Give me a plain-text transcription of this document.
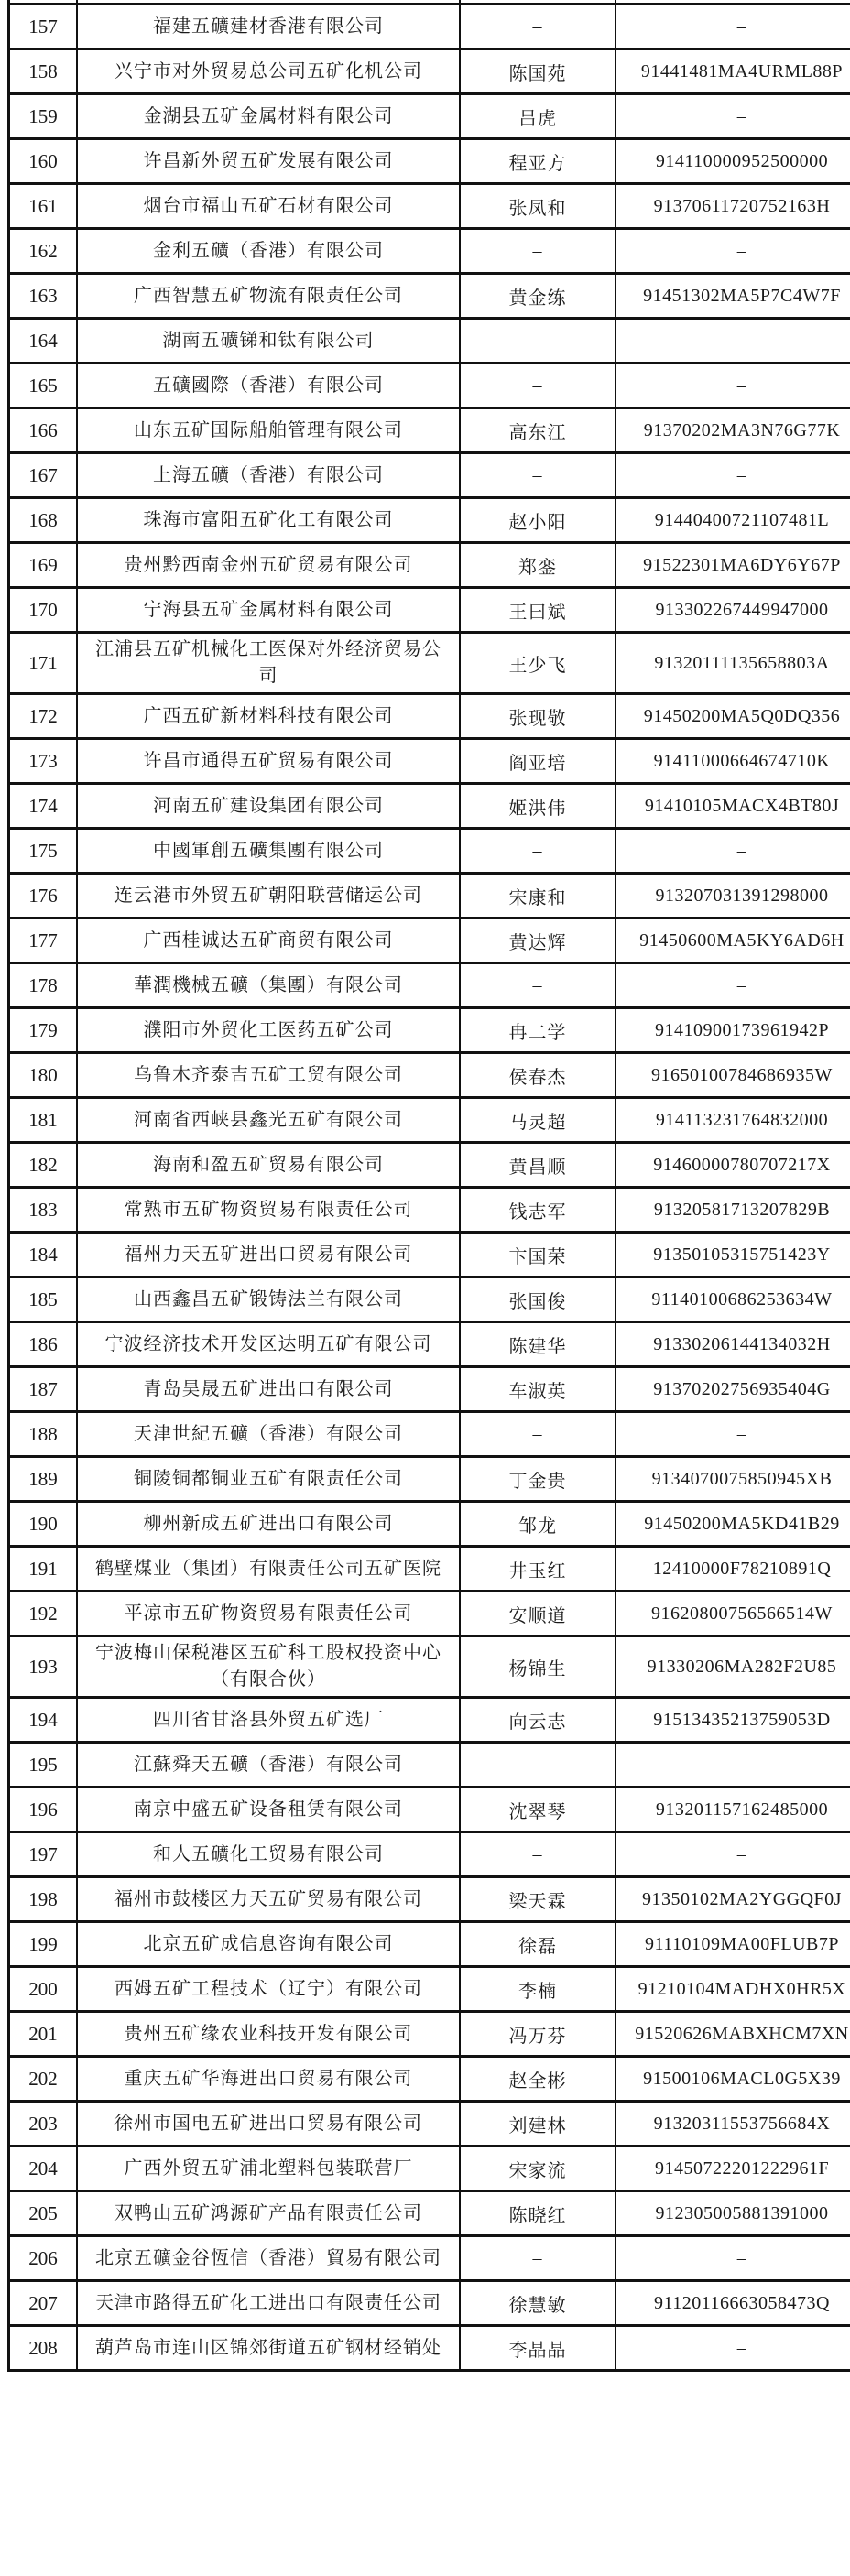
157	福建五礦建材香港有限公司	–	–
158	兴宁市对外贸易总公司五矿化机公司	陈国苑	91441481MA4URML88P
159	金湖县五矿金属材料有限公司	吕虎	–
160	许昌新外贸五矿发展有限公司	程亚方	914110000952500000
161	烟台市福山五矿石材有限公司	张凤和	91370611720752163H
162	金利五礦（香港）有限公司	–	–
163	广西智慧五矿物流有限责任公司	黄金练	91451302MA5P7C4W7F
164	湖南五礦锑和钛有限公司	–	–
165	五礦國際（香港）有限公司	–	–
166	山东五矿国际船舶管理有限公司	高东江	91370202MA3N76G77K
167	上海五礦（香港）有限公司	–	–
168	珠海市富阳五矿化工有限公司	赵小阳	91440400721107481L
169	贵州黔西南金州五矿贸易有限公司	郑銮	91522301MA6DY6Y67P
170	宁海县五矿金属材料有限公司	王曰斌	913302267449947000
171	江浦县五矿机械化工医保对外经济贸易公司	王少飞	91320111135658803A
172	广西五矿新材料科技有限公司	张现敬	91450200MA5Q0DQ356
173	许昌市通得五矿贸易有限公司	阎亚培	91411000664674710K
174	河南五矿建设集团有限公司	姬洪伟	91410105MACX4BT80J
175	中國軍創五礦集團有限公司	–	–
176	连云港市外贸五矿朝阳联营储运公司	宋康和	913207031391298000
177	广西桂诚达五矿商贸有限公司	黄达辉	91450600MA5KY6AD6H
178	華潤機械五礦（集團）有限公司	–	–
179	濮阳市外贸化工医药五矿公司	冉二学	91410900173961942P
180	乌鲁木齐泰吉五矿工贸有限公司	侯春杰	91650100784686935W
181	河南省西峡县鑫光五矿有限公司	马灵超	914113231764832000
182	海南和盈五矿贸易有限公司	黄昌顺	91460000780707217X
183	常熟市五矿物资贸易有限责任公司	钱志军	91320581713207829B
184	福州力天五矿进出口贸易有限公司	卞国荣	91350105315751423Y
185	山西鑫昌五矿锻铸法兰有限公司	张国俊	91140100686253634W
186	宁波经济技术开发区达明五矿有限公司	陈建华	91330206144134032H
187	青岛昊晟五矿进出口有限公司	车淑英	91370202756935404G
188	天津世紀五礦（香港）有限公司	–	–
189	铜陵铜都铜业五矿有限责任公司	丁金贵	9134070075850945XB
190	柳州新成五矿进出口有限公司	邹龙	91450200MA5KD41B29
191	鹤壁煤业（集团）有限责任公司五矿医院	井玉红	12410000F78210891Q
192	平凉市五矿物资贸易有限责任公司	安顺道	91620800756566514W
193	宁波梅山保税港区五矿科工股权投资中心（有限合伙）	杨锦生	91330206MA282F2U85
194	四川省甘洛县外贸五矿选厂	向云志	91513435213759053D
195	江蘇舜天五礦（香港）有限公司	–	–
196	南京中盛五矿设备租赁有限公司	沈翠琴	913201157162485000
197	和人五礦化工贸易有限公司	–	–
198	福州市鼓楼区力天五矿贸易有限公司	梁天霖	91350102MA2YGGQF0J
199	北京五矿成信息咨询有限公司	徐磊	91110109MA00FLUB7P
200	西姆五矿工程技术（辽宁）有限公司	李楠	91210104MADHX0HR5X
201	贵州五矿缘农业科技开发有限公司	冯万芬	91520626MABXHCM7XN
202	重庆五矿华海进出口贸易有限公司	赵全彬	91500106MACL0G5X39
203	徐州市国电五矿进出口贸易有限公司	刘建林	91320311553756684X
204	广西外贸五矿浦北塑料包装联营厂	宋家流	91450722201222961F
205	双鸭山五矿鸿源矿产品有限责任公司	陈晓红	912305005881391000
206	北京五礦金谷恆信（香港）貿易有限公司	–	–
207	天津市路得五矿化工进出口有限责任公司	徐慧敏	91120116663058473Q
208	葫芦岛市连山区锦郊街道五矿钢材经销处	李晶晶	–
